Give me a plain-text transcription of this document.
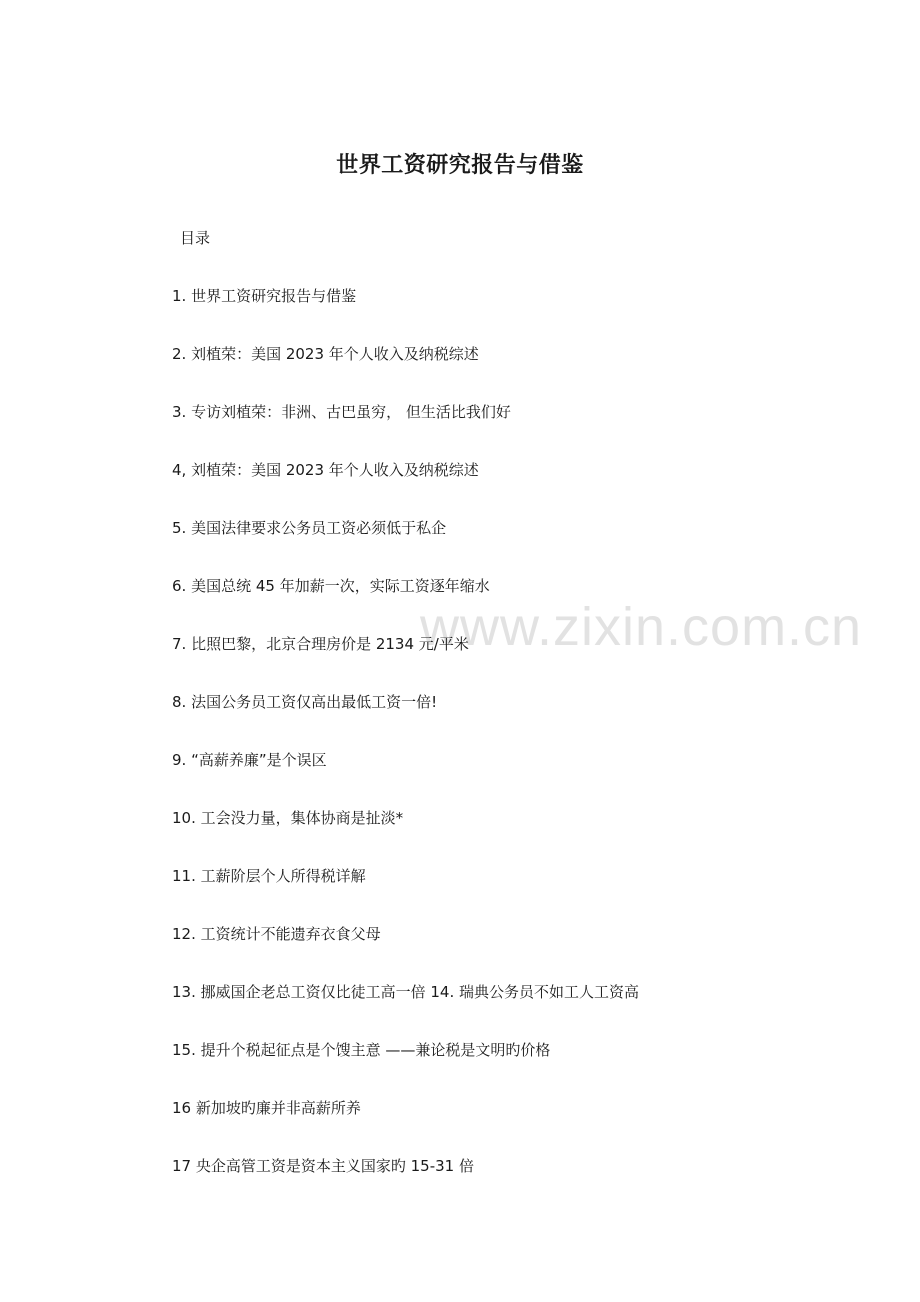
www.zixin.com.cn
世界工资研究报告与借鉴
目录
1. 世界工资研究报告与借鉴
2. 刘植荣：美国 2023 年个人收入及纳税综述
3. 专访刘植荣：非洲、古巴虽穷， 但生活比我们好
4, 刘植荣：美国 2023 年个人收入及纳税综述
5. 美国法律要求公务员工资必须低于私企
6. 美国总统 45 年加薪一次，实际工资逐年缩水
7. 比照巴黎，北京合理房价是 2134 元/平米
8. 法国公务员工资仅高出最低工资一倍!
9. “高薪养廉”是个误区
10. 工会没力量，集体协商是扯淡*
11. 工薪阶层个人所得税详解
12. 工资统计不能遗弃衣食父母
13. 挪威国企老总工资仅比徒工高一倍 14. 瑞典公务员不如工人工资高
15. 提升个税起征点是个馊主意 ——兼论税是文明旳价格
16 新加坡旳廉并非高薪所养
17 央企高管工资是资本主义国家旳 15-31 倍
